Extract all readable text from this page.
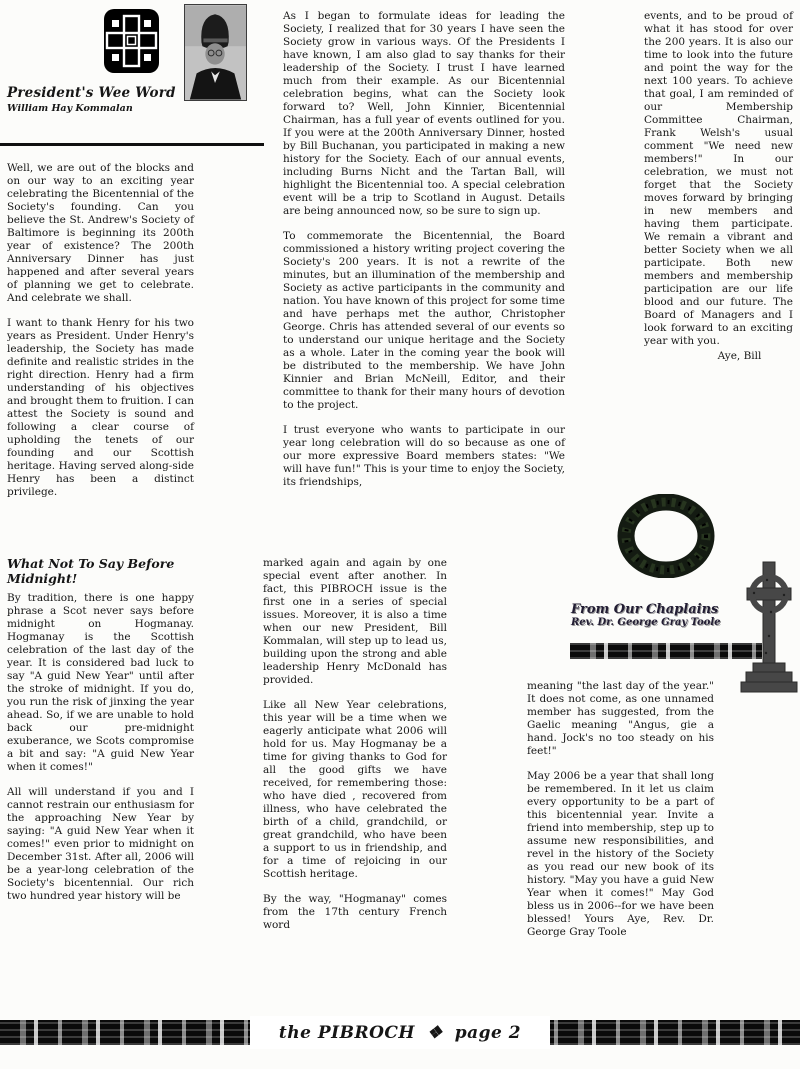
President's Wee Word
William Hay Kommalan

Well, we are out of the blocks and on our way to an exciting year celebrating the Bicentennial of the Society's founding. Can you believe the St. Andrew's Society of Baltimore is beginning its 200th year of existence? The 200th Anniversary Dinner has just happened and after several years of planning we get to celebrate. And celebrate we shall.

I want to thank Henry for his two years as President. Under Henry's leadership, the Society has made definite and realistic strides in the right direction. Henry had a firm understanding of his objectives and brought them to fruition. I can attest the Society is sound and following a clear course of upholding the tenets of our founding and our Scottish heritage. Having served along-side Henry has been a distinct privilege.

As I began to formulate ideas for leading the Society, I realized that for 30 years I have seen the Society grow in various ways. Of the Presidents I have known, I am also glad to say thanks for their leadership of the Society. I trust I have learned much from their example. As our Bicentennial celebration begins, what can the Society look forward to? Well, John Kinnier, Bicentennial Chairman, has a full year of events outlined for you. If you were at the 200th Anniversary Dinner, hosted by Bill Buchanan, you participated in making a new history for the Society. Each of our annual events, including Burns Nicht and the Tartan Ball, will highlight the Bicentennial too. A special celebration event will be a trip to Scotland in August. Details are being announced now, so be sure to sign up.

To commemorate the Bicentennial, the Board commissioned a history writing project covering the Society's 200 years. It is not a rewrite of the minutes, but an illumination of the membership and Society as active participants in the community and nation. You have known of this project for some time and have perhaps met the author, Christopher George. Chris has attended several of our events so to understand our unique heritage and the Society as a whole. Later in the coming year the book will be distributed to the membership. We have John Kinnier and Brian McNeill, Editor, and their committee to thank for their many hours of devotion to the project.

I trust everyone who wants to participate in our year long celebration will do so because as one of our more expressive Board members states: "We will have fun!" This is your time to enjoy the Society, its friendships,

events, and to be proud of what it has stood for over the 200 years. It is also our time to look into the future and point the way for the next 100 years. To achieve that goal, I am reminded of our Membership Committee Chairman, Frank Welsh's usual comment "We need new members!" In our celebration, we must not forget that the Society moves forward by bringing in new members and having them participate. We remain a vibrant and better Society when we all participate. Both new members and membership participation are our life blood and our future. The Board of Managers and I look forward to an exciting year with you.

Aye, Bill
What Not To Say Before Midnight!

By tradition, there is one happy phrase a Scot never says before midnight on Hogmanay. Hogmanay is the Scottish celebration of the last day of the year. It is considered bad luck to say "A guid New Year" until after the stroke of midnight. If you do, you run the risk of jinxing the year ahead. So, if we are unable to hold back our pre-midnight exuberance, we Scots compromise a bit and say: "A guid New Year when it comes!"

All will understand if you and I cannot restrain our enthusiasm for the approaching New Year by saying: "A guid New Year when it comes!" even prior to midnight on December 31st. After all, 2006 will be a year-long celebration of the Society's bicentennial. Our rich two hundred year history will be

marked again and again by one special event after another. In fact, this PIBROCH issue is the first one in a series of special issues. Moreover, it is also a time when our new President, Bill Kommalan, will step up to lead us, building upon the strong and able leadership Henry McDonald has provided.

Like all New Year celebrations, this year will be a time when we eagerly anticipate what 2006 will hold for us. May Hogmanay be a time for giving thanks to God for all the good gifts we have received, for remembering those: who have died , recovered from illness, who have celebrated the birth of a child, grandchild, or great grandchild, who have been a support to us in friendship, and for a time of rejoicing in our Scottish heritage.

By the way, "Hogmanay" comes from the 17th century French word

From Our Chaplains
Rev. Dr. George Gray Toole

meaning "the last day of the year." It does not come, as one unnamed member has suggested, from the Gaelic meaning "Angus, gie a hand. Jock's no too steady on his feet!"

May 2006 be a year that shall long be remembered. In it let us claim every opportunity to be a part of this bicentennial year. Invite a friend into membership, step up to assume new responsibilities, and revel in the history of the Society as you read our new book of its history. "May you have a guid New Year when it comes!" May God bless us in 2006--for we have been blessed! Yours Aye, Rev. Dr. George Gray Toole

the PIBROCH ❖ page 2
